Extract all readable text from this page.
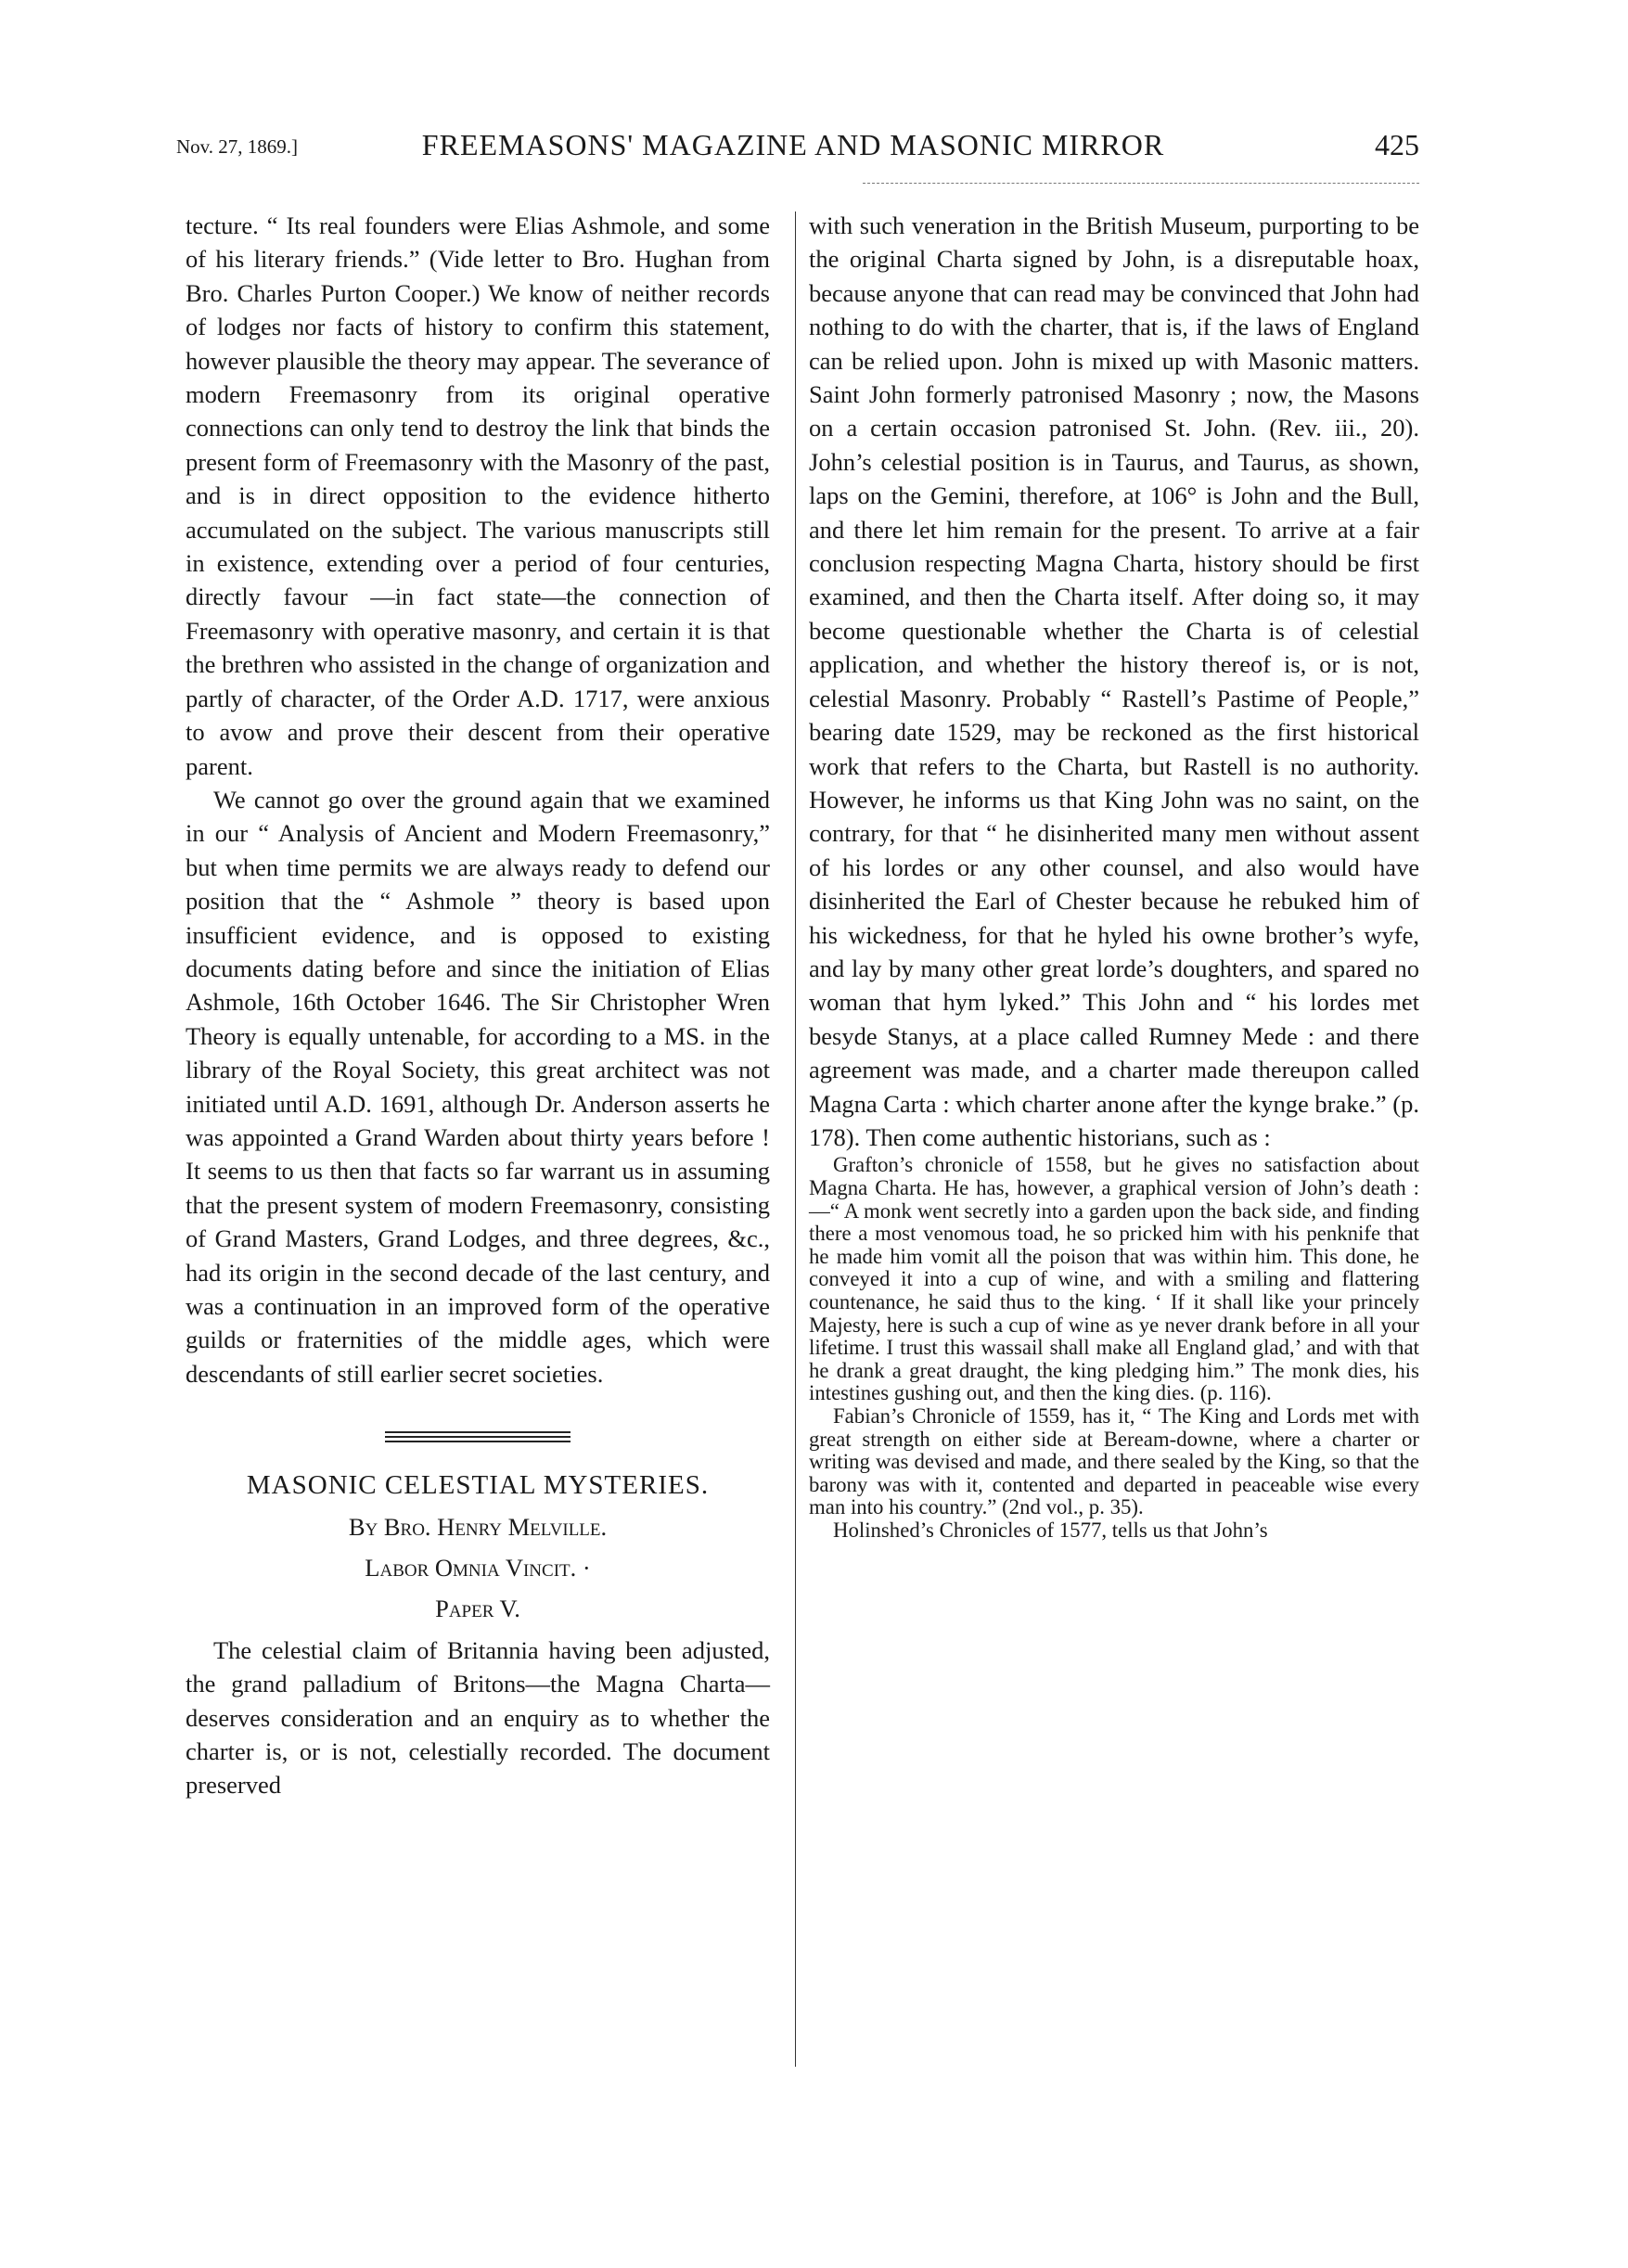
Nov. 27, 1869.]	FREEMASONS' MAGAZINE AND MASONIC MIRROR	425

tecture. “ Its real founders were Elias Ashmole, and some of his literary friends.” (Vide letter to Bro. Hughan from Bro. Charles Purton Cooper.) We know of neither records of lodges nor facts of history to confirm this statement, however plausible the theory may appear. The severance of modern Freemasonry from its original operative connections can only tend to destroy the link that binds the present form of Freemasonry with the Masonry of the past, and is in direct opposition to the evidence hitherto accumulated on the subject. The various manuscripts still in existence, extending over a period of four centuries, directly favour —in fact state—the connection of Freemasonry with operative masonry, and certain it is that the brethren who assisted in the change of organization and partly of character, of the Order A.D. 1717, were anxious to avow and prove their descent from their operative parent.

We cannot go over the ground again that we examined in our “ Analysis of Ancient and Modern Freemasonry,” but when time permits we are always ready to defend our position that the “ Ashmole ” theory is based upon insufficient evidence, and is opposed to existing documents dating before and since the initiation of Elias Ashmole, 16th October 1646. The Sir Christopher Wren Theory is equally untenable, for according to a MS. in the library of the Royal Society, this great architect was not initiated until A.D. 1691, although Dr. Anderson asserts he was appointed a Grand Warden about thirty years before ! It seems to us then that facts so far warrant us in assuming that the present system of modern Freemasonry, consisting of Grand Masters, Grand Lodges, and three degrees, &c., had its origin in the second decade of the last century, and was a continuation in an improved form of the operative guilds or fraternities of the middle ages, which were descendants of still earlier secret societies.

MASONIC CELESTIAL MYSTERIES.

By Bro. Henry Melville.

Labor Omnia Vincit. ·

Paper V.

The celestial claim of Britannia having been adjusted, the grand palladium of Britons—the Magna Charta—deserves consideration and an enquiry as to whether the charter is, or is not, celestially recorded. The document preserved

with such veneration in the British Museum, purporting to be the original Charta signed by John, is a disreputable hoax, because anyone that can read may be convinced that John had nothing to do with the charter, that is, if the laws of England can be relied upon. John is mixed up with Masonic matters. Saint John formerly patronised Masonry ; now, the Masons on a certain occasion patronised St. John. (Rev. iii., 20). John’s celestial position is in Taurus, and Taurus, as shown, laps on the Gemini, therefore, at 106° is John and the Bull, and there let him remain for the present. To arrive at a fair conclusion respecting Magna Charta, history should be first examined, and then the Charta itself. After doing so, it may become questionable whether the Charta is of celestial application, and whether the history thereof is, or is not, celestial Masonry. Probably “ Rastell’s Pastime of People,” bearing date 1529, may be reckoned as the first historical work that refers to the Charta, but Rastell is no authority. However, he informs us that King John was no saint, on the contrary, for that “ he disinherited many men without assent of his lordes or any other counsel, and also would have disinherited the Earl of Chester because he rebuked him of his wickedness, for that he hyled his owne brother’s wyfe, and lay by many other great lorde’s doughters, and spared no woman that hym lyked.” This John and “ his lordes met besyde Stanys, at a place called Rumney Mede : and there agreement was made, and a charter made thereupon called Magna Carta : which charter anone after the kynge brake.” (p. 178). Then come authentic historians, such as :

Grafton’s chronicle of 1558, but he gives no satisfaction about Magna Charta. He has, however, a graphical version of John’s death :—“ A monk went secretly into a garden upon the back side, and finding there a most venomous toad, he so pricked him with his penknife that he made him vomit all the poison that was within him. This done, he conveyed it into a cup of wine, and with a smiling and flattering countenance, he said thus to the king. ‘ If it shall like your princely Majesty, here is such a cup of wine as ye never drank before in all your lifetime. I trust this wassail shall make all England glad,’ and with that he drank a great draught, the king pledging him.” The monk dies, his intestines gushing out, and then the king dies. (p. 116).

Fabian’s Chronicle of 1559, has it, “ The King and Lords met with great strength on either side at Beream-downe, where a charter or writing was devised and made, and there sealed by the King, so that the barony was with it, contented and departed in peaceable wise every man into his country.” (2nd vol., p. 35).

Holinshed’s Chronicles of 1577, tells us that John’s
